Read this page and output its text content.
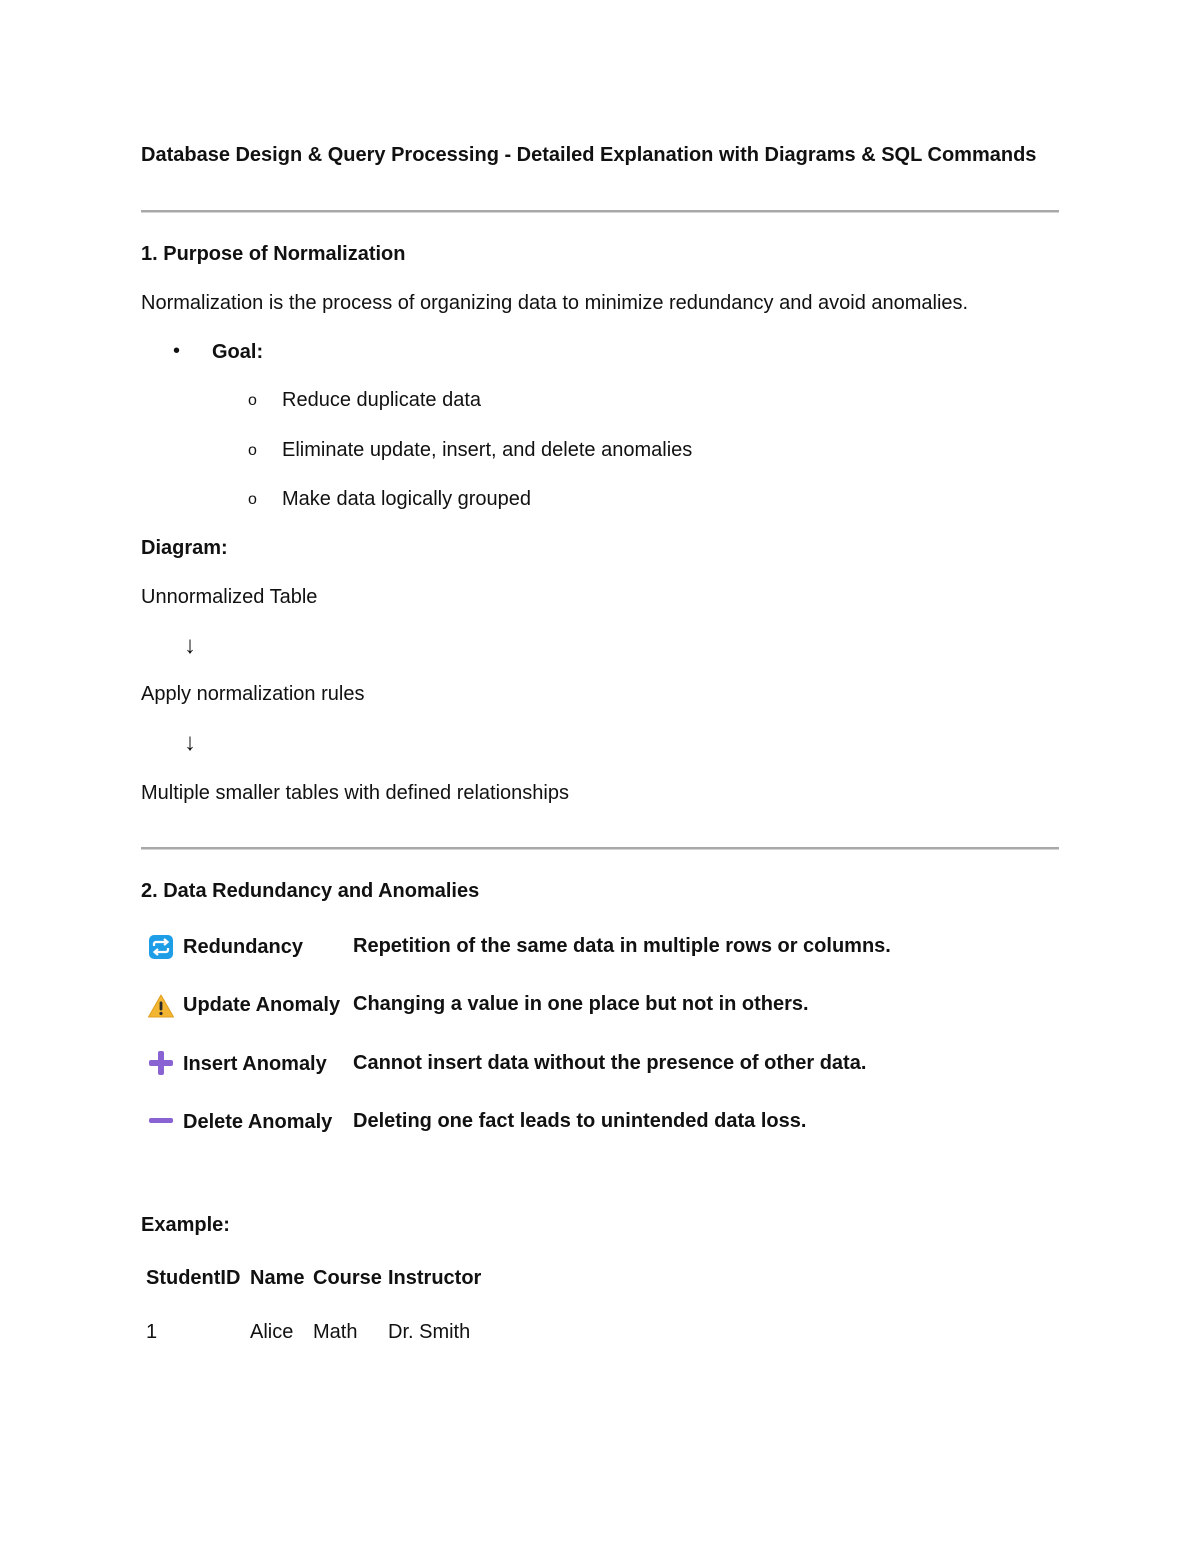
Database Design & Query Processing - Detailed Explanation with Diagrams & SQL Commands
1. Purpose of Normalization
Normalization is the process of organizing data to minimize redundancy and avoid anomalies.
• Goal:
o Reduce duplicate data
o Eliminate update, insert, and delete anomalies
o Make data logically grouped
Diagram:
Unnormalized Table
↓
Apply normalization rules
↓
Multiple smaller tables with defined relationships
2. Data Redundancy and Anomalies
Redundancy Repetition of the same data in multiple rows or columns.
Update Anomaly Changing a value in one place but not in others.
Insert Anomaly Cannot insert data without the presence of other data.
Delete Anomaly Deleting one fact leads to unintended data loss.
Example:
StudentID Name Course Instructor
1	Alice Math Dr. Smith
